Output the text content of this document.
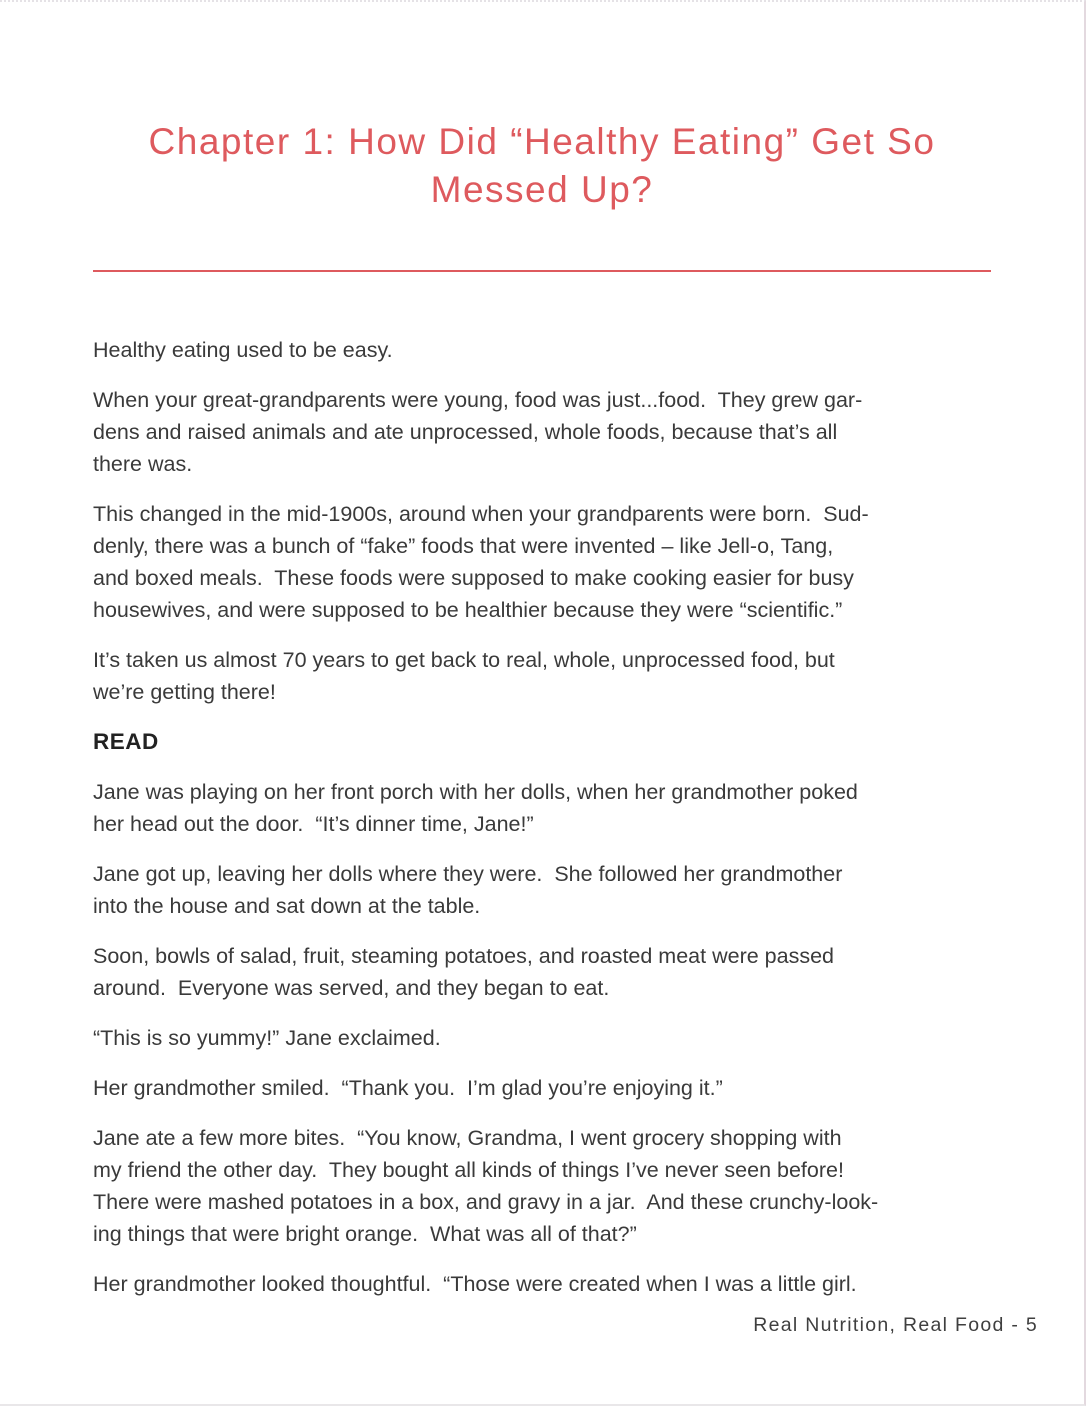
Chapter 1: How Did “Healthy Eating” Get So
Messed Up?
Healthy eating used to be easy.
When your great-grandparents were young, food was just...food.  They grew gar-
dens and raised animals and ate unprocessed, whole foods, because that’s all
there was.
This changed in the mid-1900s, around when your grandparents were born.  Sud-
denly, there was a bunch of “fake” foods that were invented – like Jell-o, Tang,
and boxed meals.  These foods were supposed to make cooking easier for busy
housewives, and were supposed to be healthier because they were “scientific.”
It’s taken us almost 70 years to get back to real, whole, unprocessed food, but
we’re getting there!
READ
Jane was playing on her front porch with her dolls, when her grandmother poked
her head out the door.  “It’s dinner time, Jane!”
Jane got up, leaving her dolls where they were.  She followed her grandmother
into the house and sat down at the table.
Soon, bowls of salad, fruit, steaming potatoes, and roasted meat were passed
around.  Everyone was served, and they began to eat.
“This is so yummy!” Jane exclaimed.
Her grandmother smiled.  “Thank you.  I’m glad you’re enjoying it.”
Jane ate a few more bites.  “You know, Grandma, I went grocery shopping with
my friend the other day.  They bought all kinds of things I’ve never seen before!
There were mashed potatoes in a box, and gravy in a jar.  And these crunchy-look-
ing things that were bright orange.  What was all of that?”
Her grandmother looked thoughtful.  “Those were created when I was a little girl.

Real Nutrition, Real Food - 5
